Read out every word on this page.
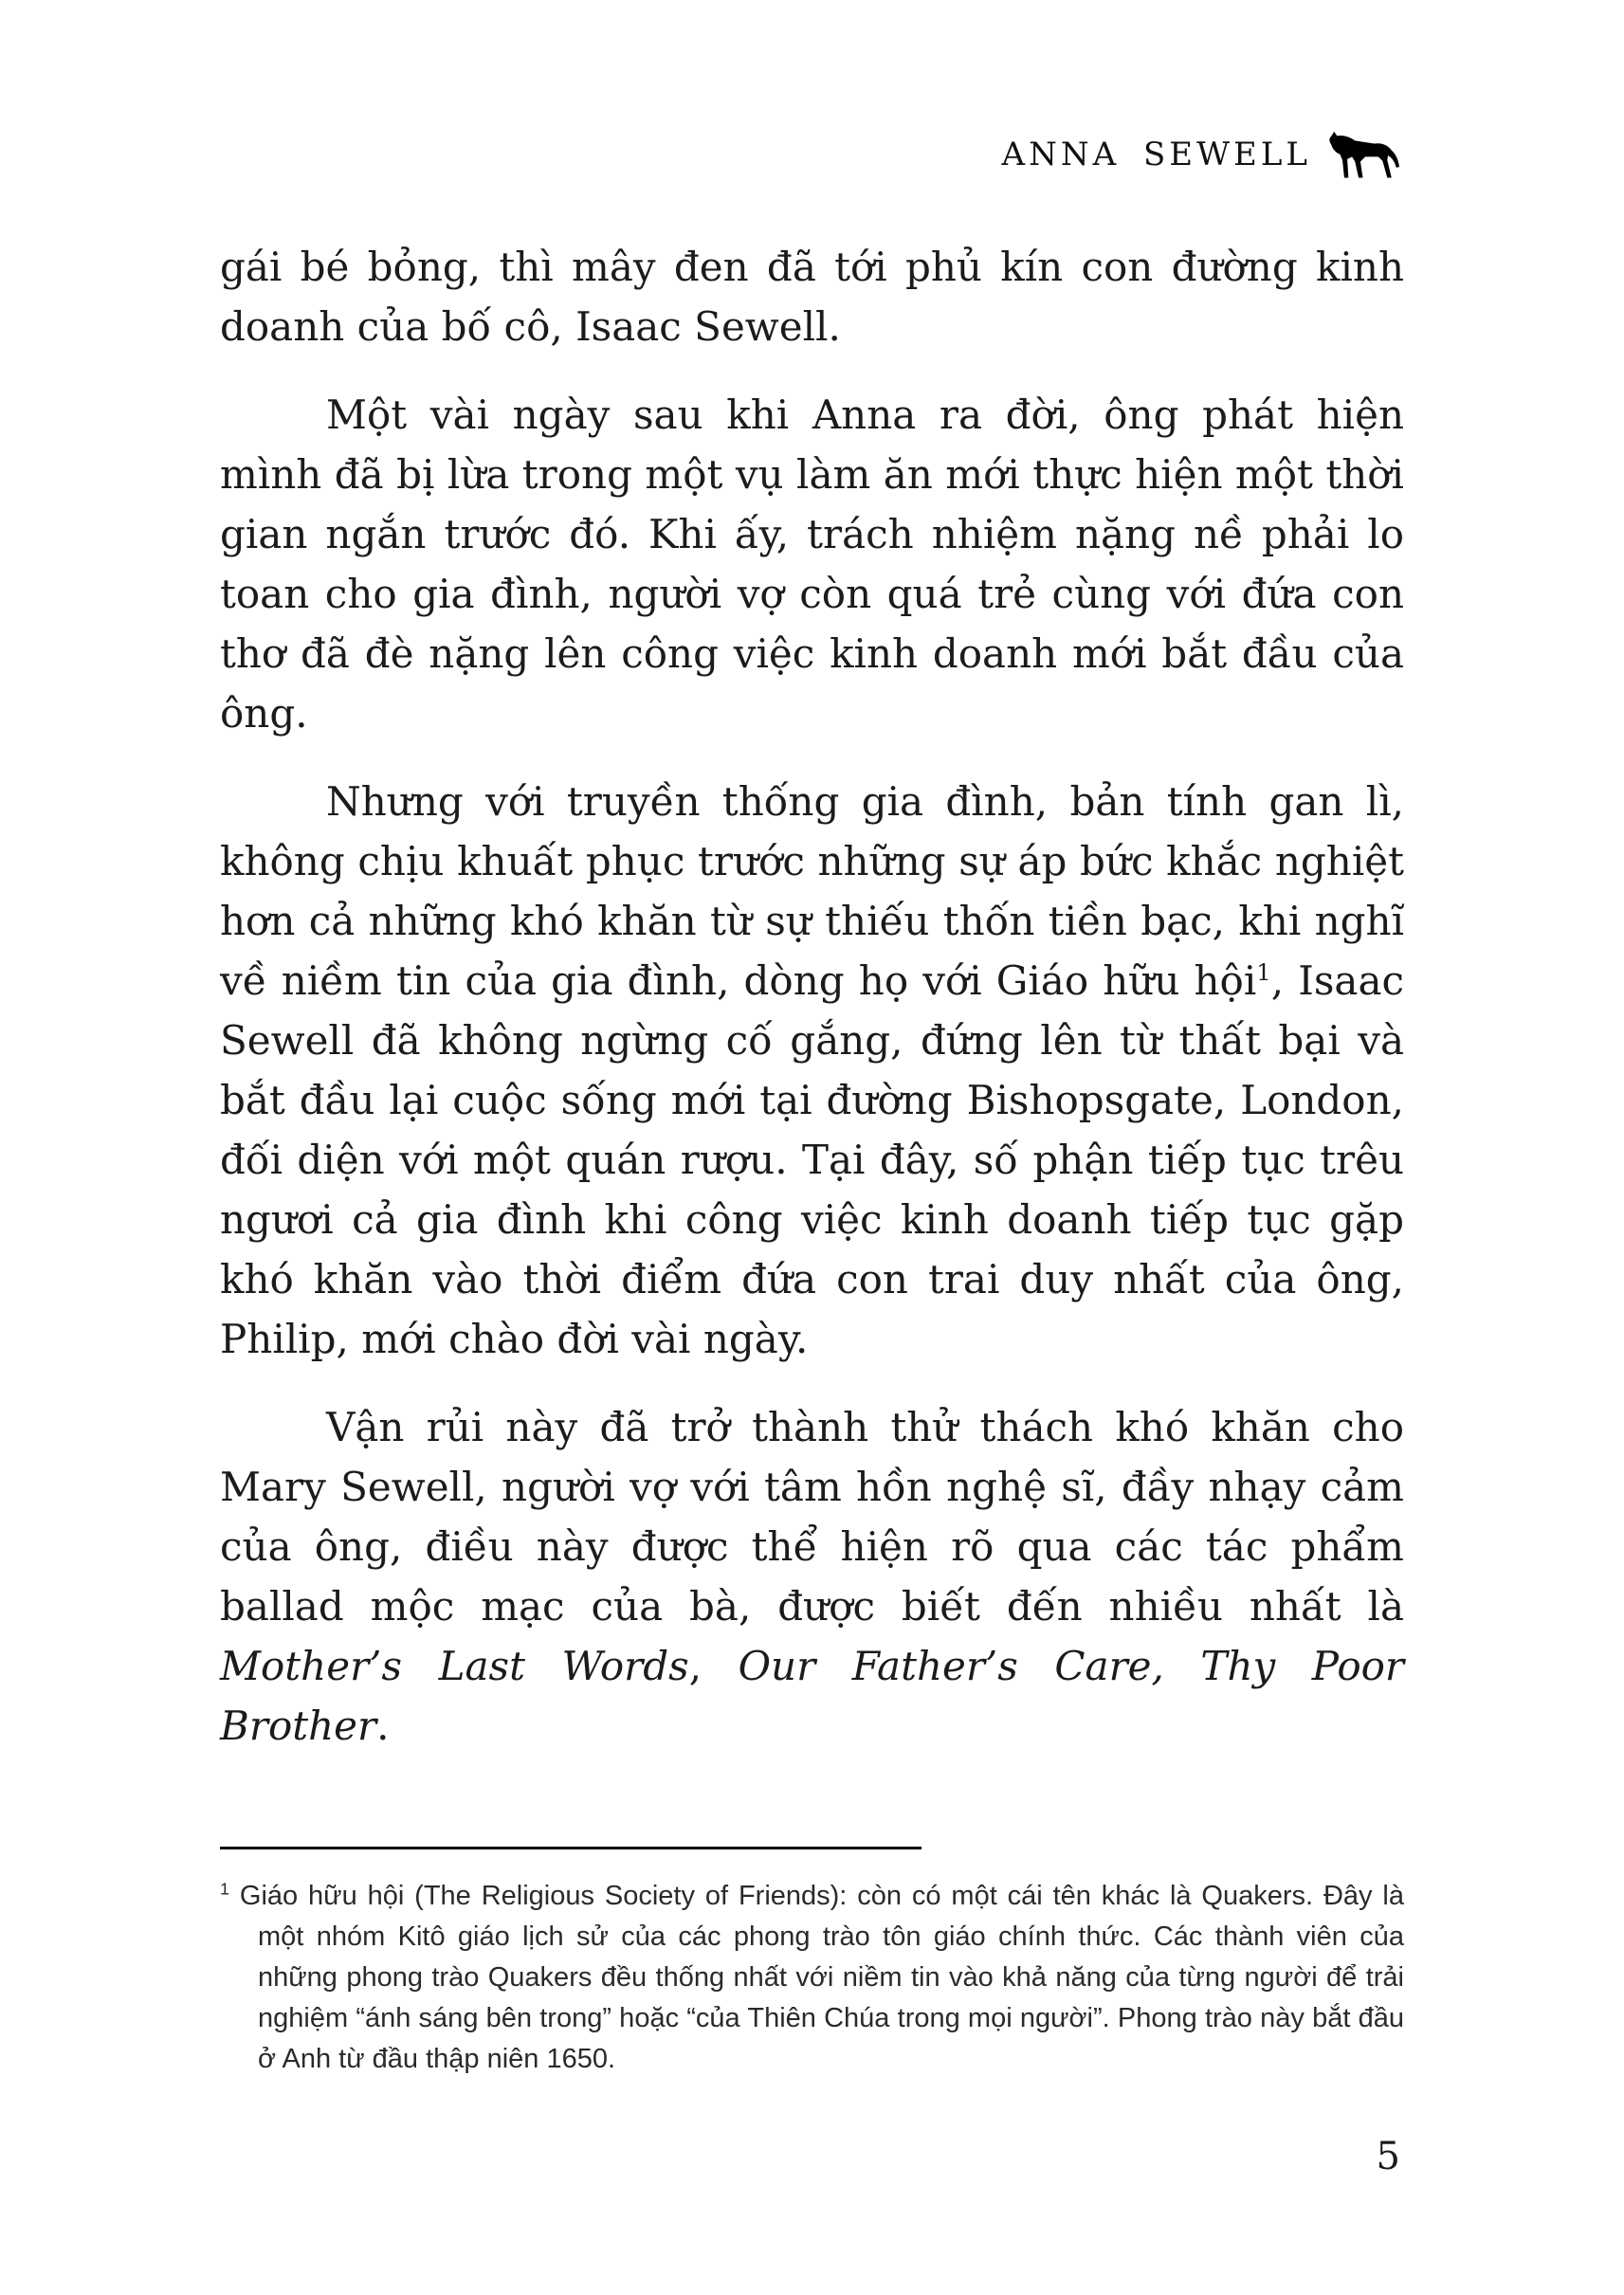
ANNA SEWELL

gái bé bỏng, thì mây đen đã tới phủ kín con đường kinh doanh của bố cô, Isaac Sewell.

Một vài ngày sau khi Anna ra đời, ông phát hiện mình đã bị lừa trong một vụ làm ăn mới thực hiện một thời gian ngắn trước đó. Khi ấy, trách nhiệm nặng nề phải lo toan cho gia đình, người vợ còn quá trẻ cùng với đứa con thơ đã đè nặng lên công việc kinh doanh mới bắt đầu của ông.

Nhưng với truyền thống gia đình, bản tính gan lì, không chịu khuất phục trước những sự áp bức khắc nghiệt hơn cả những khó khăn từ sự thiếu thốn tiền bạc, khi nghĩ về niềm tin của gia đình, dòng họ với Giáo hữu hội$^1$, Isaac Sewell đã không ngừng cố gắng, đứng lên từ thất bại và bắt đầu lại cuộc sống mới tại đường Bishopsgate, London, đối diện với một quán rượu. Tại đây, số phận tiếp tục trêu ngươi cả gia đình khi công việc kinh doanh tiếp tục gặp khó khăn vào thời điểm đứa con trai duy nhất của ông, Philip, mới chào đời vài ngày.

Vận rủi này đã trở thành thử thách khó khăn cho Mary Sewell, người vợ với tâm hồn nghệ sĩ, đầy nhạy cảm của ông, điều này được thể hiện rõ qua các tác phẩm ballad mộc mạc của bà, được biết đến nhiều nhất là Mother’s Last Words, Our Father’s Care, Thy Poor Brother.

$^1$ Giáo hữu hội (The Religious Society of Friends): còn có một cái tên khác là Quakers. Đây là một nhóm Kitô giáo lịch sử của các phong trào tôn giáo chính thức. Các thành viên của những phong trào Quakers đều thống nhất với niềm tin vào khả năng của từng người để trải nghiệm “ánh sáng bên trong” hoặc “của Thiên Chúa trong mọi người”. Phong trào này bắt đầu ở Anh từ đầu thập niên 1650.

5
